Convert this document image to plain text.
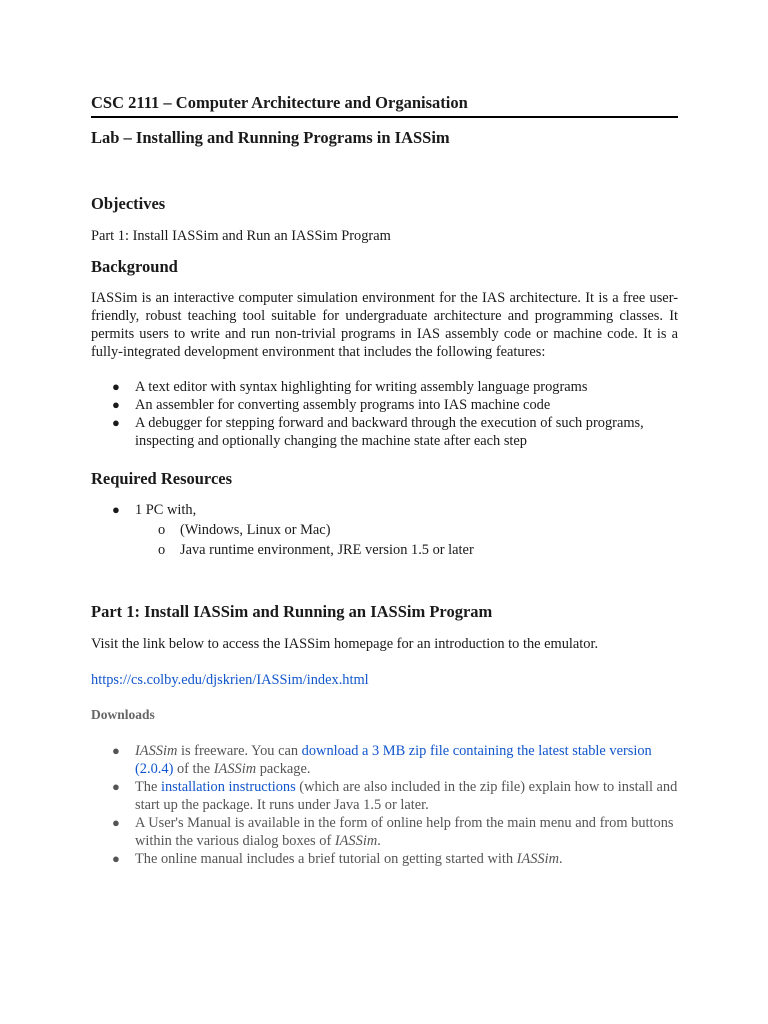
CSC 2111 – Computer Architecture and Organisation
Lab – Installing and Running Programs in IASSim
Objectives
Part 1: Install IASSim and Run an IASSim Program
Background
IASSim is an interactive computer simulation environment for the IAS architecture. It is a free user-friendly, robust teaching tool suitable for undergraduate architecture and programming classes. It permits users to write and run non-trivial programs in IAS assembly code or machine code. It is a fully-integrated development environment that includes the following features:
● A text editor with syntax highlighting for writing assembly language programs
● An assembler for converting assembly programs into IAS machine code
● A debugger for stepping forward and backward through the execution of such programs, inspecting and optionally changing the machine state after each step
Required Resources
● 1 PC with,
o (Windows, Linux or Mac)
o Java runtime environment, JRE version 1.5 or later
Part 1: Install IASSim and Running an IASSim Program
Visit the link below to access the IASSim homepage for an introduction to the emulator.
https://cs.colby.edu/djskrien/IASSim/index.html
Downloads
● IASSim is freeware. You can download a 3 MB zip file containing the latest stable version (2.0.4) of the IASSim package.
● The installation instructions (which are also included in the zip file) explain how to install and start up the package. It runs under Java 1.5 or later.
● A User's Manual is available in the form of online help from the main menu and from buttons within the various dialog boxes of IASSim.
● The online manual includes a brief tutorial on getting started with IASSim.
